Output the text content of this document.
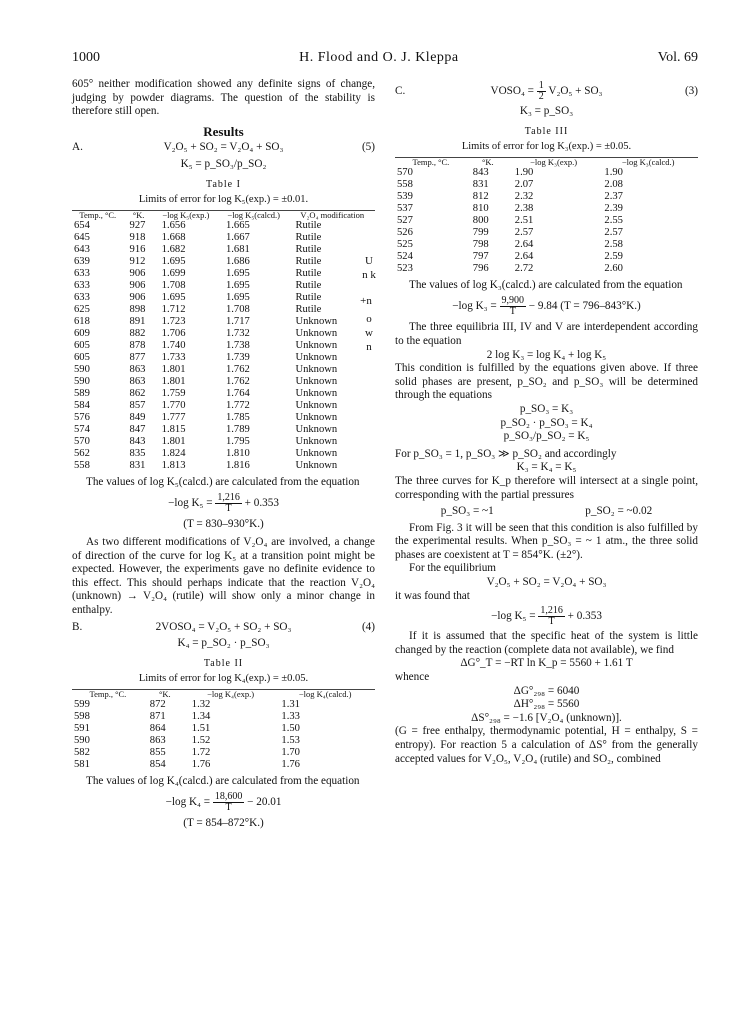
1000	H. Flood and O. J. Kleppa	Vol. 69

605° neither modification showed any definite signs of change, judging by powder diagrams. The question of the stability is therefore still open.

Results
A.	V₂O₅ + SO₂ = V₂O₄ + SO₃	(5)
K₅ = p_SO₃/p_SO₂
Table I
Limits of error for log K₅(exp.) = ±0.01.
Temp., °C.	°K.	−log K₅(exp.)	−log K₅(calcd.)	V₂O₄ modification
654	927	1.656	1.665	Rutile
645	918	1.668	1.667	Rutile
643	916	1.682	1.681	Rutile
639	912	1.695	1.686	Rutile
633	906	1.699	1.695	Rutile
633	906	1.708	1.695	Rutile
633	906	1.695	1.695	Rutile
625	898	1.712	1.708	Rutile
618	891	1.723	1.717	Unknown
609	882	1.706	1.732	Unknown
605	878	1.740	1.738	Unknown
605	877	1.733	1.739	Unknown
590	863	1.801	1.762	Unknown
590	863	1.801	1.762	Unknown
589	862	1.759	1.764	Unknown
584	857	1.770	1.772	Unknown
576	849	1.777	1.785	Unknown
574	847	1.815	1.789	Unknown
570	843	1.801	1.795	Unknown
562	835	1.824	1.810	Unknown
558	831	1.813	1.816	Unknown
U n k
+n
o w n

The values of log K₅(calcd.) are calculated from the equation

−log $K_5 = \frac{1,216}{T} + 0.353$
(T = 830–930°K.)

As two different modifications of V₂O₄ are involved, a change of direction of the curve for log K₅ at a transition point might be expected. However, the experiments gave no definite evidence to this effect. This should perhaps indicate that the reaction V₂O₄ (unknown) → V₂O₄ (rutile) will show only a minor change in enthalpy.

B.	2VOSO₄ = V₂O₅ + SO₂ + SO₃	(4)
K₄ = p_SO₂ · p_SO₃
Table II
Limits of error for log K₄(exp.) = ±0.05.
Temp., °C.	°K.	−log K₄(exp.)	−log K₄(calcd.)
599	872	1.32	1.31
598	871	1.34	1.33
591	864	1.51	1.50
590	863	1.52	1.53
582	855	1.72	1.70
581	854	1.76	1.76

The values of log K₄(calcd.) are calculated from the equation

−log $K_4 = \frac{18,600}{T} - 20.01$
(T = 854–872°K.)
C.	VOSO₄ = $\frac{1}{2} V_2O_5 + SO_3$	(3)
K₃ = p_SO₃
Table III
Limits of error for log K₃(exp.) = ±0.05.
Temp., °C.	°K.	−log K₃(exp.)	−log K₃(calcd.)
570	843	1.90	1.90
558	831	2.07	2.08
539	812	2.32	2.37
537	810	2.38	2.39
527	800	2.51	2.55
526	799	2.57	2.57
525	798	2.64	2.58
524	797	2.64	2.59
523	796	2.72	2.60

The values of log K₃(calcd.) are calculated from the equation

−log $K_3 = \frac{9,900}{T} - 9.84$ (T = 796–843°K.)

The three equilibria III, IV and V are interdependent according to the equation

2 log K₃ = log K₄ + log K₅

This condition is fulfilled by the equations given above. If three solid phases are present, p_SO₂ and p_SO₃ will be determined through the equations

p_SO₃ = K₃
p_SO₂ · p_SO₃ = K₄
p_SO₃/p_SO₂ = K₅

For p_SO₃ = 1, p_SO₃ ≫ p_SO₂ and accordingly

K₃ = K₄ = K₅

The three curves for K_p therefore will intersect at a single point, corresponding with the partial pressures

p_SO₃ = ~1	p_SO₂ = ~0.02

From Fig. 3 it will be seen that this condition is also fulfilled by the experimental results. When p_SO₃ = ~ 1 atm., the three solid phases are coexistent at T = 854°K. (±2°).

For the equilibrium

V₂O₅ + SO₂ = V₂O₄ + SO₃

it was found that

−log $K_5 = \frac{1,216}{T} + 0.353$

If it is assumed that the specific heat of the system is little changed by the reaction (complete data not available), we find

ΔG°_T = −RT ln K_p = 5560 + 1.61 T

whence

ΔG°₂₉₈ = 6040
ΔH°₂₉₈ = 5560
ΔS°₂₉₈ = −1.6 [V₂O₄ (unknown)].

(G = free enthalpy, thermodynamic potential, H = enthalpy, S = entropy). For reaction 5 a calculation of ΔS° from the generally accepted values for V₂O₅, V₂O₄ (rutile) and SO₂, combined
